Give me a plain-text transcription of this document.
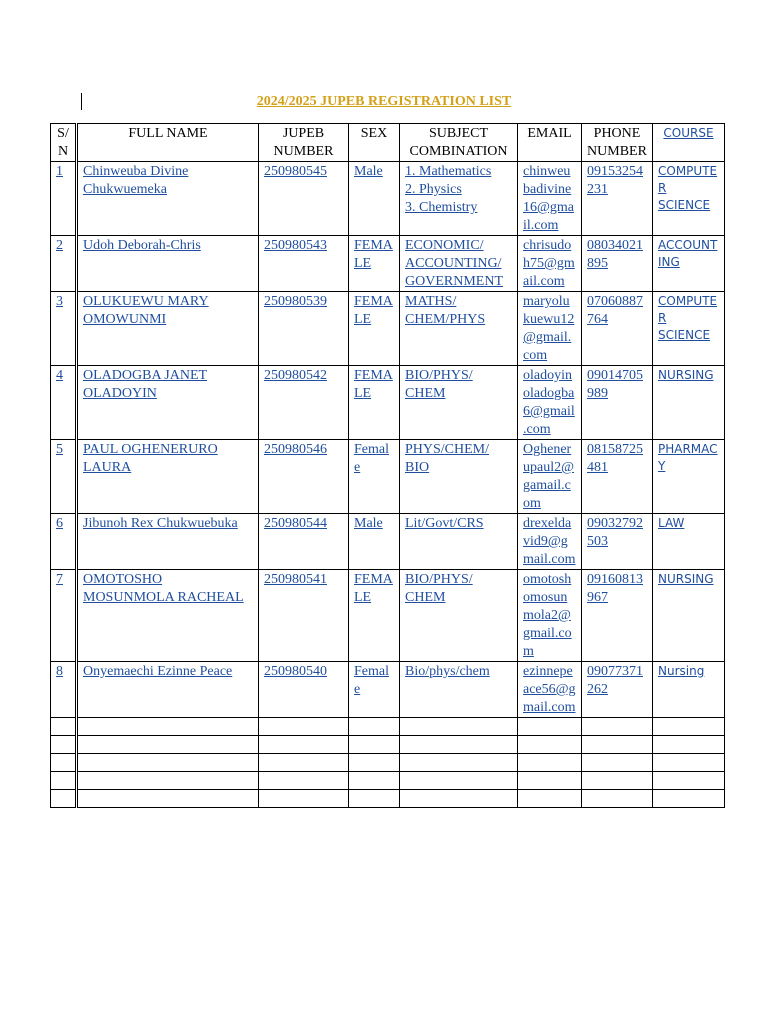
2024/2025 JUPEB REGISTRATION LIST
S/N	FULL NAME	JUPEB NUMBER	SEX	SUBJECT COMBINATION	EMAIL	PHONE NUMBER	COURSE
1	Chinweuba Divine Chukwuemeka	250980545	Male	1. Mathematics
2. Physics
3. Chemistry	chinweubadivine16@gmail.com	09153254231	COMPUTER SCIENCE
2	Udoh Deborah-Chris	250980543	FEMALE	ECONOMIC/ ACCOUNTING/ GOVERNMENT	chrisudoh75@gmail.com	08034021895	ACCOUNTING
3	OLUKUEWU MARY OMOWUNMI	250980539	FEMALE	MATHS/ CHEM/PHYS	maryolukuewu12@gmail.com	07060887764	COMPUTER SCIENCE
4	OLADOGBA JANET OLADOYIN	250980542	FEMALE	BIO/PHYS/ CHEM	oladoyinoladogba6@gmail.com	09014705989	NURSING
5	PAUL OGHENERURO LAURA	250980546	Female	PHYS/CHEM/ BIO	Oghenerupaul2@gamail.com	08158725481	PHARMACY
6	Jibunoh Rex Chukwuebuka	250980544	Male	Lit/Govt/CRS	drexeldavid9@gmail.com	09032792503	LAW
7	OMOTOSHO MOSUNMOLA RACHEAL	250980541	FEMALE	BIO/PHYS/ CHEM	omotoshomosunmola2@gmail.com	09160813967	NURSING
8	Onyemaechi Ezinne Peace	250980540	Female	Bio/phys/chem	ezinnepeace56@gmail.com	09077371262	Nursing
